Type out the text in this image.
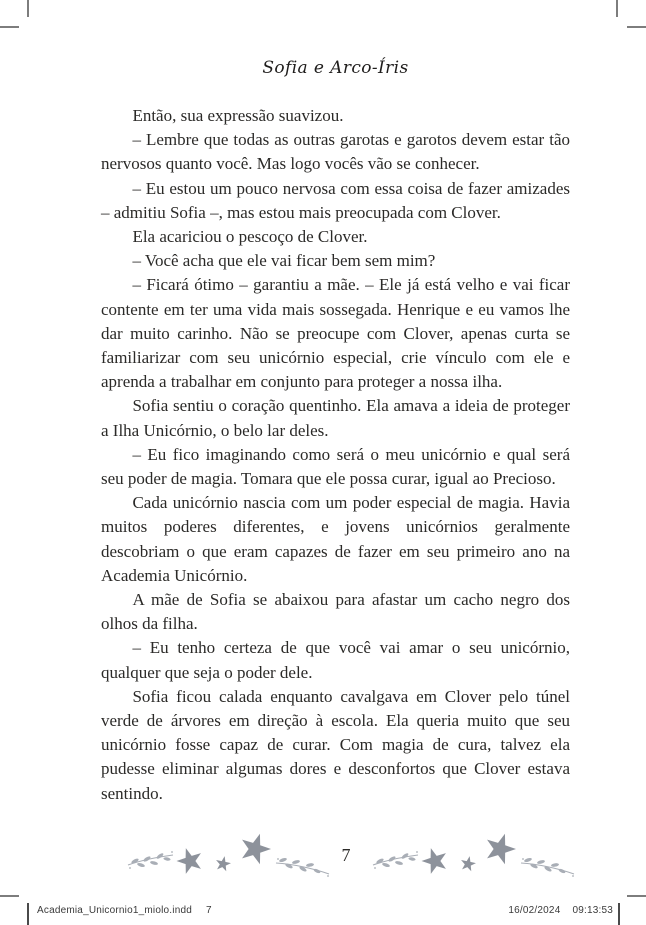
Sofia e Arco-Íris

Então, sua expressão suavizou.

– Lembre que todas as outras garotas e garotos devem estar tão nervosos quanto você. Mas logo vocês vão se conhecer.

– Eu estou um pouco nervosa com essa coisa de fazer amizades – admitiu Sofia –, mas estou mais preocupada com Clover.

Ela acariciou o pescoço de Clover.

– Você acha que ele vai ficar bem sem mim?

– Ficará ótimo – garantiu a mãe. – Ele já está velho e vai ficar contente em ter uma vida mais sossegada. Henrique e eu vamos lhe dar muito carinho. Não se preocupe com Clover, apenas curta se familiarizar com seu unicórnio especial, crie vínculo com ele e aprenda a trabalhar em conjunto para proteger a nossa ilha.

Sofia sentiu o coração quentinho. Ela amava a ideia de proteger a Ilha Unicórnio, o belo lar deles.

– Eu fico imaginando como será o meu unicórnio e qual será seu poder de magia. Tomara que ele possa curar, igual ao Precioso.

Cada unicórnio nascia com um poder especial de magia. Havia muitos poderes diferentes, e jovens unicórnios geralmente descobriam o que eram capazes de fazer em seu primeiro ano na Academia Unicórnio.

A mãe de Sofia se abaixou para afastar um cacho negro dos olhos da filha.

– Eu tenho certeza de que você vai amar o seu unicórnio, qualquer que seja o poder dele.

Sofia ficou calada enquanto cavalgava em Clover pelo túnel verde de árvores em direção à escola. Ela queria muito que seu unicórnio fosse capaz de curar. Com magia de cura, talvez ela pudesse eliminar algumas dores e desconfortos que Clover estava sentindo.

7
Academia_Unicornio1_miolo.indd 7	16/02/2024 09:13:53
